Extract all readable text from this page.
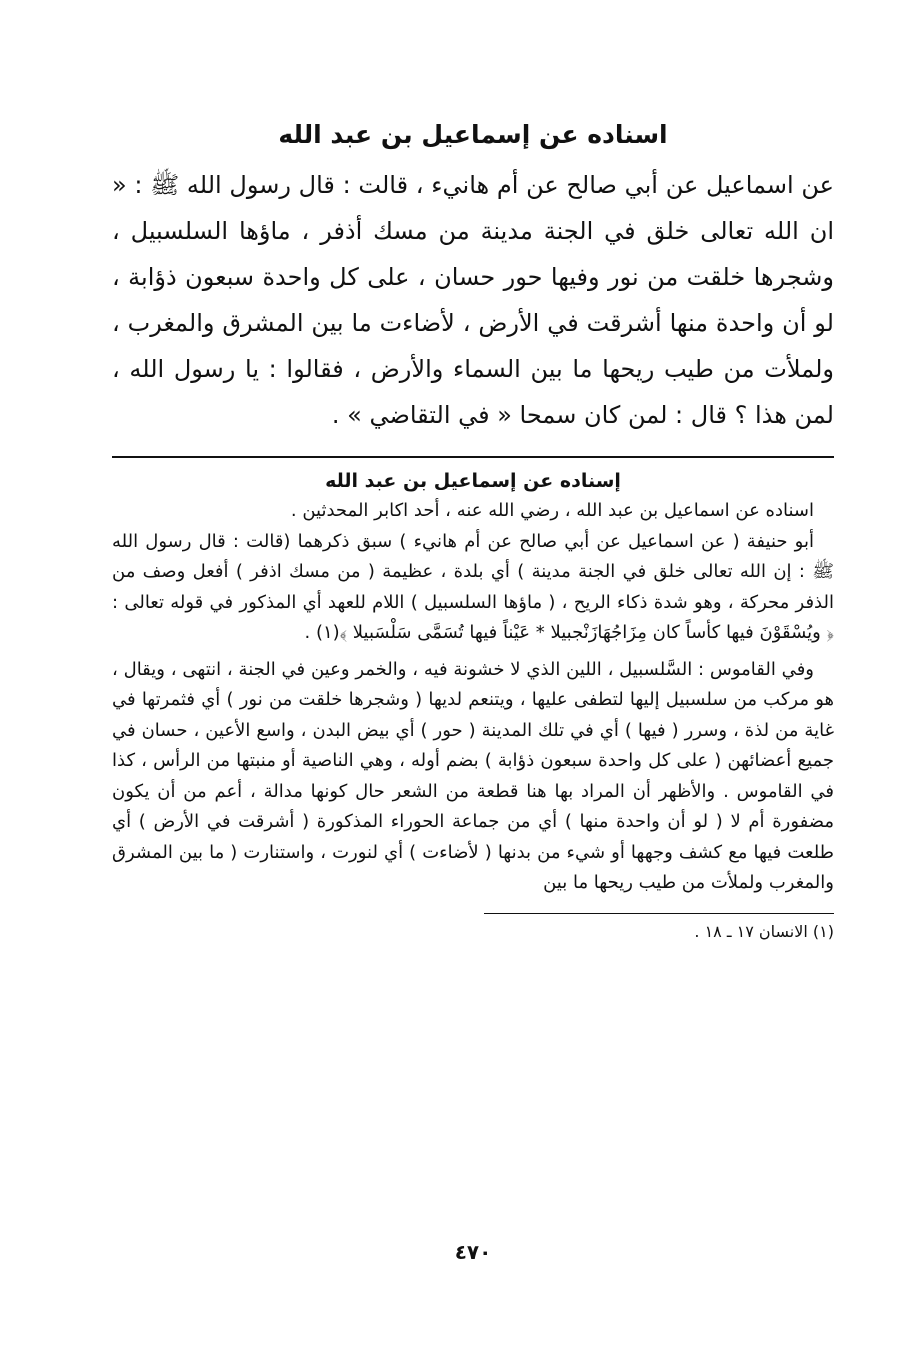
اسناده عن إسماعيل بن عبد الله

عن اسماعيل عن أبي صالح عن أم هانيء ، قالت : قال رسول الله ﷺ : « ان الله تعالى خلق في الجنة مدينة من مسك أذفر ، ماؤها السلسبيل ، وشجرها خلقت من نور وفيها حور حسان ، على كل واحدة سبعون ذؤابة ، لو أن واحدة منها أشرقت في الأرض ، لأضاءت ما بين المشرق والمغرب ، ولملأت من طيب ريحها ما بين السماء والأرض ، فقالوا : يا رسول الله ، لمن هذا ؟ قال : لمن كان سمحا « في التقاضي » .

إسناده عن إسماعيل بن عبد الله

اسناده عن اسماعيل بن عبد الله ، رضي الله عنه ، أحد اكابر المحدثين .

أبو حنيفة ( عن اسماعيل عن أبي صالح عن أم هانيء ) سبق ذكرهما (قالت : قال رسول الله ﷺ : إن الله تعالى خلق في الجنة مدينة ) أي بلدة ، عظيمة ( من مسك اذفر ) أفعل وصف من الذفر محركة ، وهو شدة ذكاء الريح ، ( ماؤها السلسبيل ) اللام للعهد أي المذكور في قوله تعالى : ﴿ ويُسْقَوْنَ فيها كأساً كان مِزَاجُهَازَنْجبيلا * عَيْناً فيها تُسَمَّى سَلْسَبيلا ﴾(١) .

وفي القاموس : السَّلسبيل ، اللين الذي لا خشونة فيه ، والخمر وعين في الجنة ، انتهى ، ويقال ، هو مركب من سلسبيل إليها لتطفى عليها ، ويتنعم لديها ( وشجرها خلقت من نور ) أي فثمرتها في غاية من لذة ، وسرر ( فيها ) أي في تلك المدينة ( حور ) أي بيض البدن ، واسع الأعين ، حسان في جميع أعضائهن ( على كل واحدة سبعون ذؤابة ) بضم أوله ، وهي الناصية أو منبتها من الرأس ، كذا في القاموس . والأظهر أن المراد بها هنا قطعة من الشعر حال كونها مدالة ، أعم من أن يكون مضفورة أم لا ( لو أن واحدة منها ) أي من جماعة الحوراء المذكورة ( أشرقت في الأرض ) أي طلعت فيها مع كشف وجهها أو شيء من بدنها ( لأضاءت ) أي لنورت ، واستنارت ( ما بين المشرق والمغرب ولملأت من طيب ريحها ما بين

(١) الانسان ١٧ ـ ١٨ .
٤٧٠
